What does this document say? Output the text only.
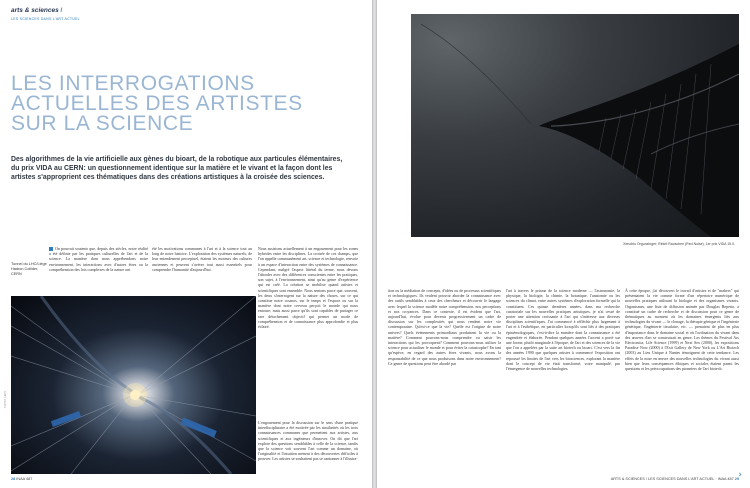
arts & sciences /
LES SCIENCES DANS L'ART ACTUEL
LES INTERROGATIONS ACTUELLES DES ARTISTES SUR LA SCIENCE

Des algorithmes de la vie artificielle aux gènes du bioart, de la robotique aux particules élémentaires, du prix VIDA au CERN: un questionnement identique sur la matière et le vivant et la façon dont les artistes s'approprient ces thématiques dans des créations artistiques à la croisée des sciences.

Tunnel du LHC/Liège Hadron Collider, CERN
On pourrait soutenir que, depuis des siècles, notre réalité a été définie par les pratiques culturelles de l'art et de la science. La manière dont nous appréhendons notre environnement, les interactions avec d'autres êtres ou la compréhension des lois complexes de la nature ont
été les motivations communes à l'art et à la science tout au long de notre histoire. L'exploration des systèmes naturels, de leur entendement perceptuel, étaient les moteurs des cultures anciennes et peuvent s'avérer tout aussi essentiels pour comprendre l'humanité d'aujourd'hui.
Nous assistons actuellement à un engouement pour les zones hybrides entre les disciplines. La croisée de ces champs, que l'on appelle communément art, science et technologie, renvoie à un espace d'interaction entre des systèmes de connaissance. Cependant, malgré l'aspect littéral du terme, nous devons l'aborder avec des différences conscientes entre les pratiques, son sujet, à l'environnement, ainsi qu'au genre d'expérience qui est créé. La création se mobilise quand artistes et scientifiques sont ensemble. Nous sentons parce que, souvent, les deux s'interrogent sur la nature des choses, sur ce qui constitue notre cosmos, sur le temps et l'espace ou sur la manière dont notre cerveau perçoit le monde qui nous entoure; mais aussi parce qu'ils sont capables de partager ce rare détachement objectif qui permet un mode de compréhension et de connaissance plus approfondie et plus éclairé.
L'engouement pour la discussion sur le sens d'une pratique interdisciplinaire a été motivée par les similarités où les trois connaissances communes que permettent aux artistes, aux scientifiques et aux ingénieurs d'innover. On dit que l'art explore des questions semblables à celle de la science, tandis que la science voit souvent l'art comme un domaine, où l'originalité et l'intuition mènent à des découvertes difficiles à prouver. Les artistes se souhaitent pas se cantonner à l'illustra-
PHOTO CERN
28 INAA 487
Xenobio Orgunzinger; Rirkrit Rauschen (Red Noise), 1er prix VIDA 15.0.
tion ou la médiation de concepts, d'idées ou de processus scientifiques et technologiques. Ils veulent pouvoir aborder la connaissance avec des outils semblables à ceux des chercheurs et découvrir le langage avec lequel la science modèle notre compréhension, nos perceptions et nos croyances. Dans ce contexte, il est évident que l'art, aujourd'hui, évolue pour devenir progressivement un cadre de discussion sur les complexités qui nous rendent notre vie contemporaine. Qu'est-ce que la vie? Quelle est l'origine de notre univers? Quels événements primordiaux produisent la vie ou la matière? Comment pouvons-nous comprendre ou saisir les interactions qui les provoquent? Comment pouvons-nous utiliser la science pour actualiser le monde et pour éviter la catastrophe? En tant qu'espèce, en regard des autres êtres vivants, nous avons la responsabilité de ce que nous produisons dans notre environnement? Ce genre de questions peut être abordé par
l'art à travers le prisme de la science moderne — l'astronomie, la physique, la biologie, la chimie, la botanique, l'anatomie ou les sciences du climat, entre autres systèmes d'exploration formelle qui la constituent. Ces quinze dernières années, dans ma recherche curatoriale sur les nouvelles pratiques artistiques, je n'ai cessé de porter une attention croissante à l'art qui s'intéresse aux diverses disciplines scientifiques. J'ai commencé à réfléchir plus largement à l'art et à l'esthétique, en particulier lorsqu'ils sont liés à des pratiques épistémologiques, c'est-à-dire la manière dont la connaissance a été engendrée et élaborée. Pendant quelques années l'accent a porté sur une forme, plutôt marginale à l'époque, de l'art et des sciences de la vie que l'on a appelées par la suite art biotech ou bioart. C'est vers la fin des années 1990 que quelques artistes à commencé l'exposition ont repoussé les limites de l'art vers les biosciences, explorant la manière dont le concept de vie était transformé, voire manipulé, par l'émergence de nouvelles technologies.
À cette époque, j'ai découvert le travail d'artistes et de "makers" qui présentaient la vie comme forme d'un répertoire numérique de nouvelles pratiques utilisant la biologie et des organismes vivants. Organismes, une liste de diffusion animée par Douglas Repetto, a constitué un cadre de recherche et de discussion pour ce genre de thématiques au moment où les domaines émergents liés aux technologies du vivant — le clonage, la thérapie génique et l'ingénierie génétique, l'ingénierie tissulaire, etc. — prenaient de plus en plus d'importance dans le domaine social et où l'ordination du vivant dans des œuvres d'art se construisait en genre. Les thèmes du Festival Ars Electronica, Life Science (1999) et Next Sex (2000), les expositions Paradise Now (2000) à l'Exit Gallery de New York ou L'Art Biotech (2003) au Lieu Unique à Nantes témoignent de cette tendance. Les effets de la mise en œuvre des nouvelles technologies du vivant aussi bien que leurs conséquences éthiques et sociales étaient parmi les questions et les préoccupations des pionniers de l'art biotech.
ARTS & SCIENCES / LES SCIENCES DANS L'ART ACTUEL · INAA 487 29 ›
